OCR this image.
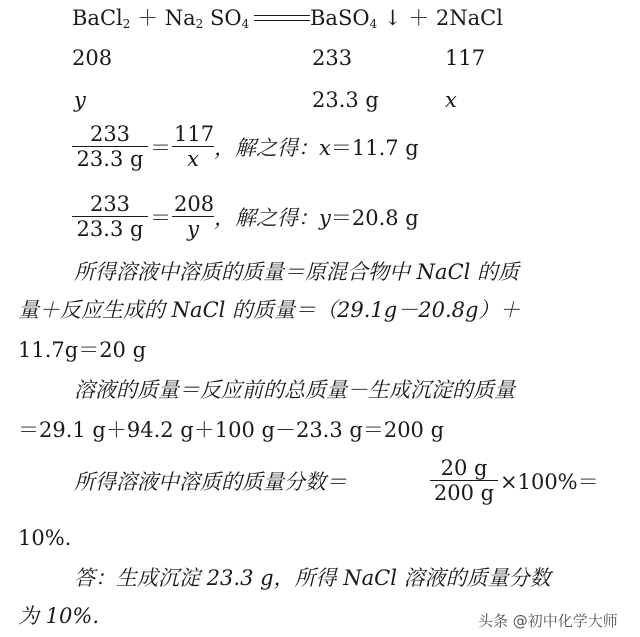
BaCl$_2$ ＋ $Na_2$ $SO_4$	BaSO$_4$ ↓ ＋ 2NaCl
208	233	117
y	23.3 g	x
$\frac{233}{23.3 g} = \frac{117}{x}$ ，解之得：x＝11.7 g
$\frac{233}{23.3 g} = \frac{208}{y}$ ，解之得：y＝20.8 g
所得溶液中溶质的质量＝原混合物中 NaCl 的质
量＋反应生成的 NaCl 的质量＝（29.1g－20.8g）＋
11.7g＝20 g
溶液的质量＝反应前的总质量－生成沉淀的质量
＝29.1 g＋94.2 g＋100 g－23.3 g＝200 g
所得溶液中溶质的质量分数＝	$\frac{20 g}{200 g} \times 100\%=$
10%.
答：生成沉淀 23.3 g，所得 NaCl 溶液的质量分数
为 10%.	头条 @初中化学大师
